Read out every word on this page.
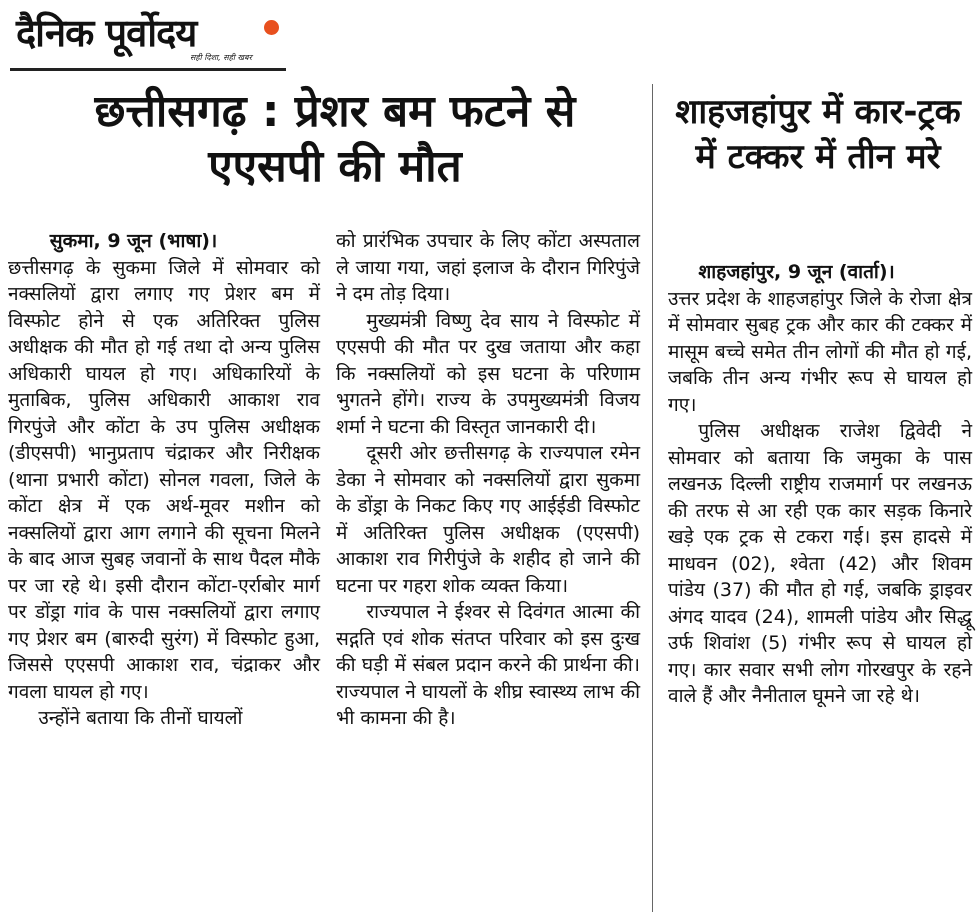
दैनिक पूर्वोदय
सही दिशा, सही खबर
छत्तीसगढ़ : प्रेशर बम फटने से एएसपी की मौत
शाहजहांपुर में कार-ट्रक में टक्कर में तीन मरे

सुकमा, 9 जून (भाषा)।
छत्तीसगढ़ के सुकमा जिले में सोमवार को नक्सलियों द्वारा लगाए गए प्रेशर बम में विस्फोट होने से एक अतिरिक्त पुलिस अधीक्षक की मौत हो गई तथा दो अन्य पुलिस अधिकारी घायल हो गए। अधिकारियों के मुताबिक, पुलिस अधिकारी आकाश राव गिरपुंजे और कोंटा के उप पुलिस अधीक्षक (डीएसपी) भानुप्रताप चंद्राकर और निरीक्षक (थाना प्रभारी कोंटा) सोनल गवला, जिले के कोंटा क्षेत्र में एक अर्थ-मूवर मशीन को नक्सलियों द्वारा आग लगाने की सूचना मिलने के बाद आज सुबह जवानों के साथ पैदल मौके पर जा रहे थे। इसी दौरान कोंटा-एर्राबोर मार्ग पर डोंड्रा गांव के पास नक्सलियों द्वारा लगाए गए प्रेशर बम (बारुदी सुरंग) में विस्फोट हुआ, जिससे एएसपी आकाश राव, चंद्राकर और गवला घायल हो गए।

उन्होंने बताया कि तीनों घायलों

को प्रारंभिक उपचार के लिए कोंटा अस्पताल ले जाया गया, जहां इलाज के दौरान गिरिपुंजे ने दम तोड़ दिया।

मुख्यमंत्री विष्णु देव साय ने विस्फोट में एएसपी की मौत पर दुख जताया और कहा कि नक्सलियों को इस घटना के परिणाम भुगतने होंगे। राज्य के उपमुख्यमंत्री विजय शर्मा ने घटना की विस्तृत जानकारी दी।

दूसरी ओर छत्तीसगढ़ के राज्यपाल रमेन डेका ने सोमवार को नक्सलियों द्वारा सुकमा के डोंड्रा के निकट किए गए आईईडी विस्फोट में अतिरिक्त पुलिस अधीक्षक (एएसपी) आकाश राव गिरीपुंजे के शहीद हो जाने की घटना पर गहरा शोक व्यक्त किया।

राज्यपाल ने ईश्वर से दिवंगत आत्मा की सद्गति एवं शोक संतप्त परिवार को इस दुःख की घड़ी में संबल प्रदान करने की प्रार्थना की। राज्यपाल ने घायलों के शीघ्र स्वास्थ्य लाभ की भी कामना की है।

शाहजहांपुर, 9 जून (वार्ता)।
उत्तर प्रदेश के शाहजहांपुर जिले के रोजा क्षेत्र में सोमवार सुबह ट्रक और कार की टक्कर में मासूम बच्चे समेत तीन लोगों की मौत हो गई, जबकि तीन अन्य गंभीर रूप से घायल हो गए।

पुलिस अधीक्षक राजेश द्विवेदी ने सोमवार को बताया कि जमुका के पास लखनऊ दिल्ली राष्ट्रीय राजमार्ग पर लखनऊ की तरफ से आ रही एक कार सड़क किनारे खड़े एक ट्रक से टकरा गई। इस हादसे में माधवन (02), श्वेता (42) और शिवम पांडेय (37) की मौत हो गई, जबकि ड्राइवर अंगद यादव (24), शामली पांडेय और सिद्धू उर्फ शिवांश (5) गंभीर रूप से घायल हो गए। कार सवार सभी लोग गोरखपुर के रहने वाले हैं और नैनीताल घूमने जा रहे थे।
